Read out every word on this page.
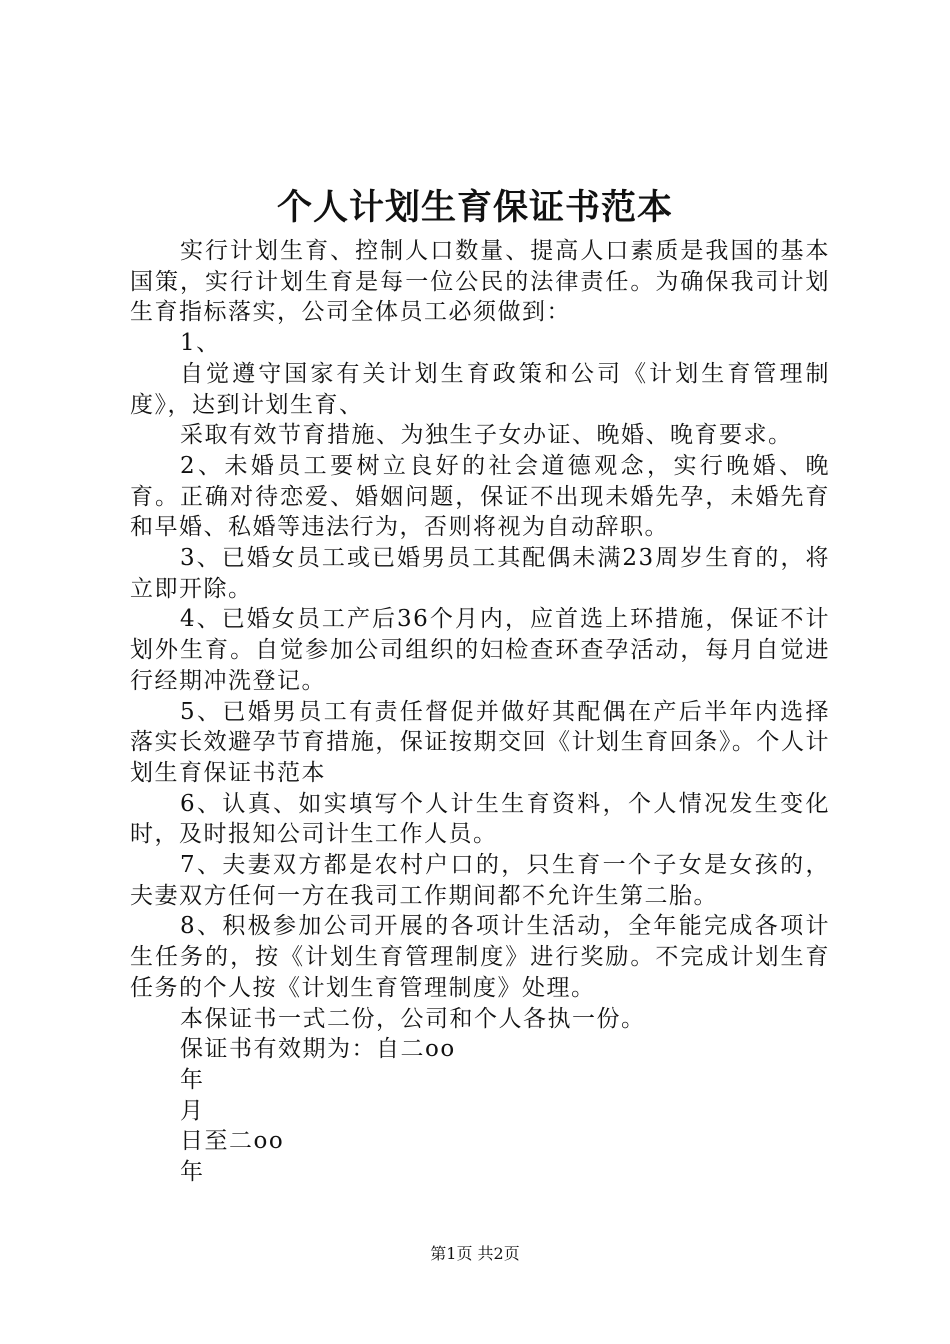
个人计划生育保证书范本

实行计划生育、控制人口数量、提高人口素质是我国的基本国策，实行计划生育是每一位公民的法律责任。为确保我司计划生育指标落实，公司全体员工必须做到：

1、

自觉遵守国家有关计划生育政策和公司《计划生育管理制度》，达到计划生育、

采取有效节育措施、为独生子女办证、晚婚、晚育要求。

2、未婚员工要树立良好的社会道德观念，实行晚婚、晚育。正确对待恋爱、婚姻问题，保证不出现未婚先孕，未婚先育和早婚、私婚等违法行为，否则将视为自动辞职。

3、已婚女员工或已婚男员工其配偶未满23周岁生育的，将立即开除。

4、已婚女员工产后36个月内，应首选上环措施，保证不计划外生育。自觉参加公司组织的妇检查环查孕活动，每月自觉进行经期冲洗登记。

5、已婚男员工有责任督促并做好其配偶在产后半年内选择落实长效避孕节育措施，保证按期交回《计划生育回条》。个人计划生育保证书范本

6、认真、如实填写个人计生生育资料，个人情况发生变化时，及时报知公司计生工作人员。

7、夫妻双方都是农村户口的，只生育一个子女是女孩的，夫妻双方任何一方在我司工作期间都不允许生第二胎。

8、积极参加公司开展的各项计生活动，全年能完成各项计生任务的，按《计划生育管理制度》进行奖励。不完成计划生育任务的个人按《计划生育管理制度》处理。

本保证书一式二份，公司和个人各执一份。

保证书有效期为：自二oo

年

月

日至二oo

年

第1页 共2页
